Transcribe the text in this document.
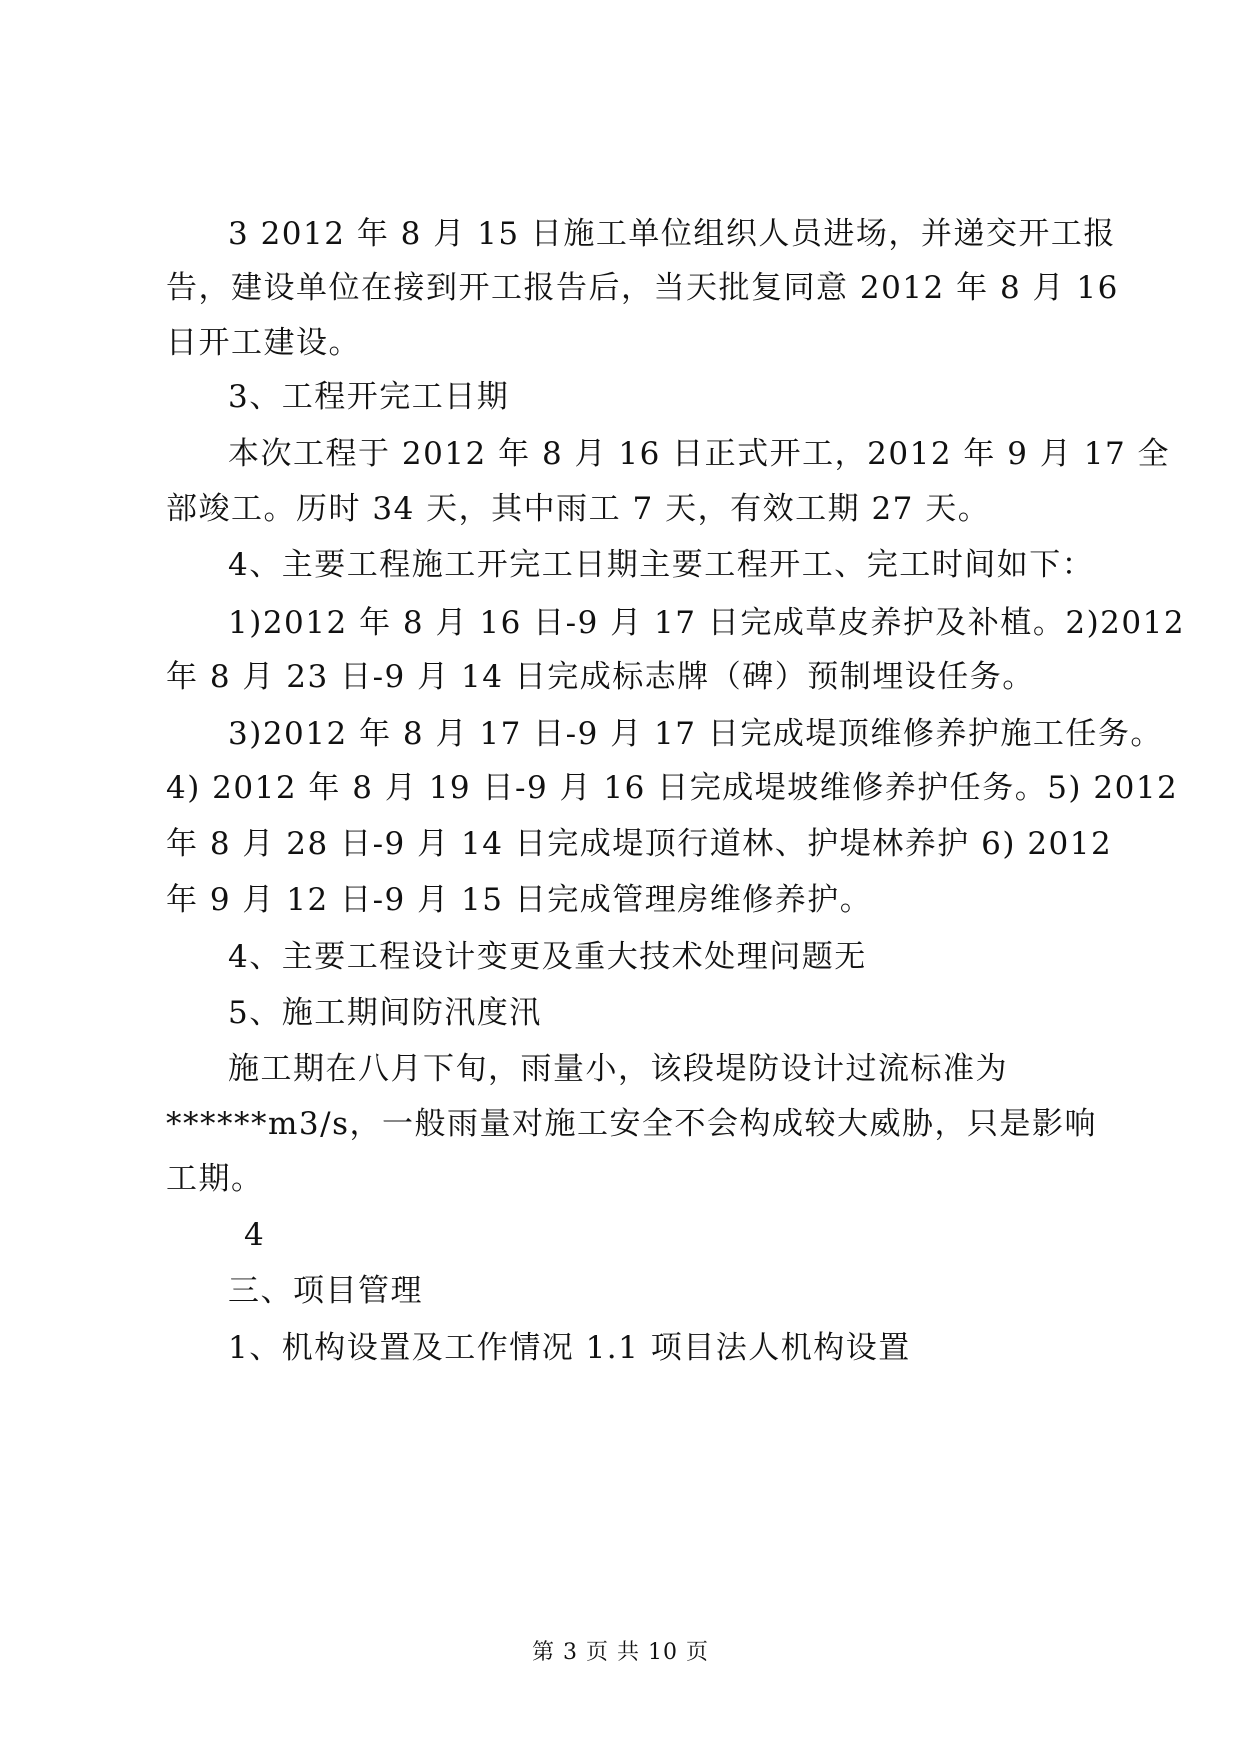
3 2012 年 8 月 15 日施工单位组织人员进场，并递交开工报
告，建设单位在接到开工报告后，当天批复同意 2012 年 8 月 16
日开工建设。
3、工程开完工日期
本次工程于 2012 年 8 月 16 日正式开工，2012 年 9 月 17 全
部竣工。历时 34 天，其中雨工 7 天，有效工期 27 天。
4、主要工程施工开完工日期主要工程开工、完工时间如下：
1)2012 年 8 月 16 日-9 月 17 日完成草皮养护及补植。2)2012
年 8 月 23 日-9 月 14 日完成标志牌（碑）预制埋设任务。
3)2012 年 8 月 17 日-9 月 17 日完成堤顶维修养护施工任务。
4) 2012 年 8 月 19 日-9 月 16 日完成堤坡维修养护任务。5) 2012
年 8 月 28 日-9 月 14 日完成堤顶行道林、护堤林养护 6) 2012
年 9 月 12 日-9 月 15 日完成管理房维修养护。
4、主要工程设计变更及重大技术处理问题无
5、施工期间防汛度汛
施工期在八月下旬，雨量小，该段堤防设计过流标准为
******m3/s，一般雨量对施工安全不会构成较大威胁，只是影响
工期。
4
三、项目管理
1、机构设置及工作情况 1.1 项目法人机构设置
第 3 页 共 10 页
